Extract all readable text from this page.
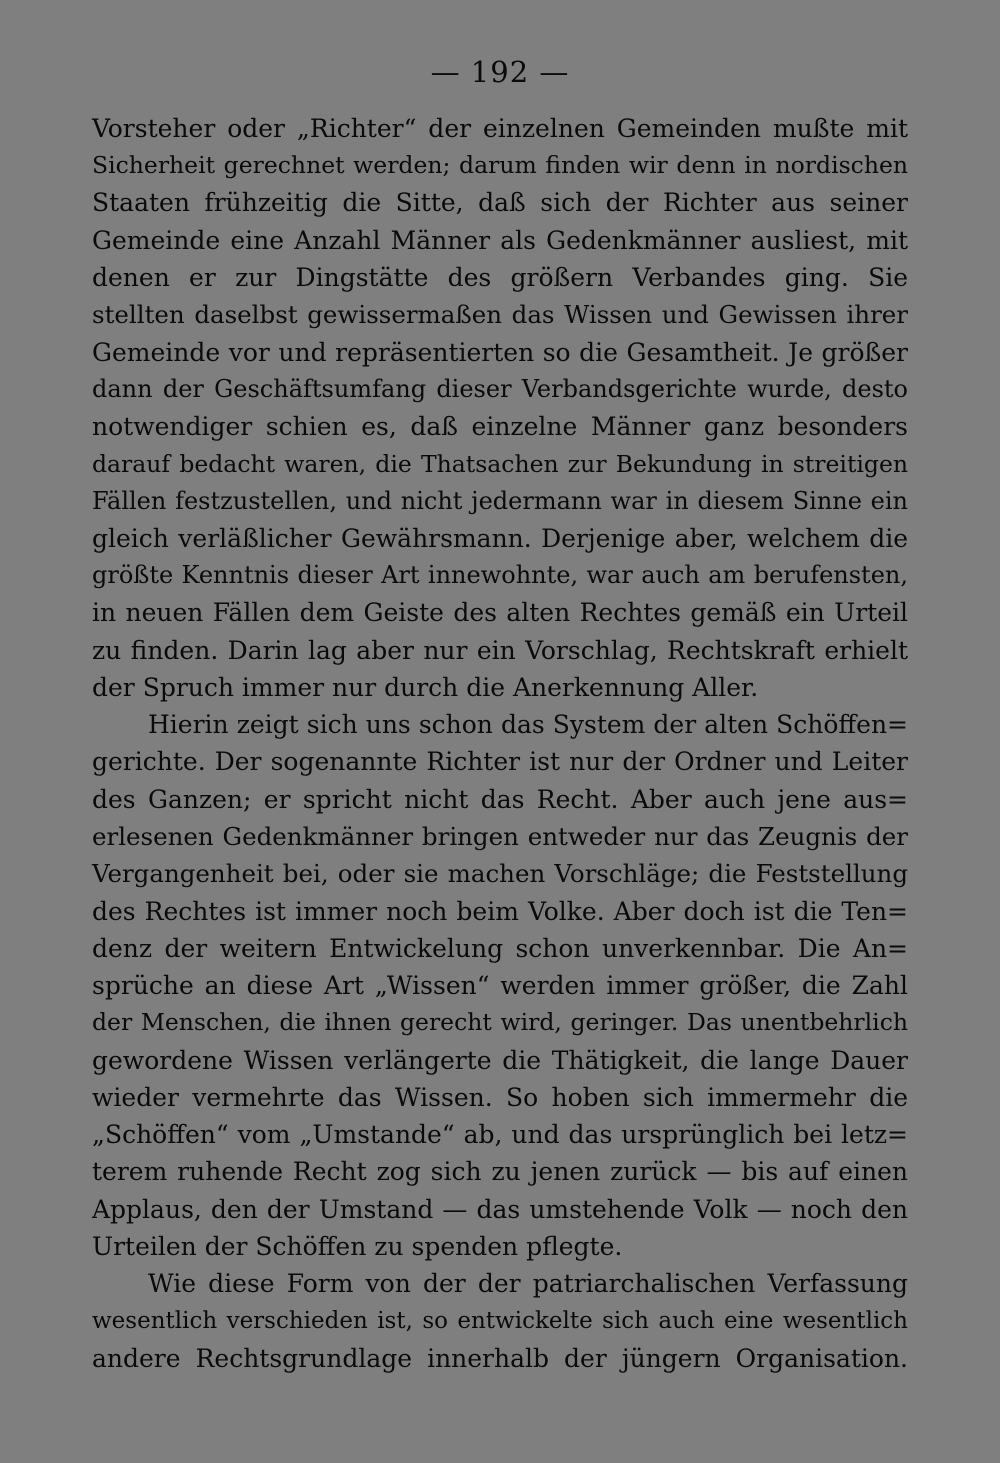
— 192 —
Vorsteher oder „Richter“ der einzelnen Gemeinden mußte mit
Sicherheit gerechnet werden; darum finden wir denn in nordischen
Staaten frühzeitig die Sitte, daß sich der Richter aus seiner
Gemeinde eine Anzahl Männer als Gedenkmänner ausliest, mit
denen er zur Dingstätte des größern Verbandes ging. Sie
stellten daselbst gewissermaßen das Wissen und Gewissen ihrer
Gemeinde vor und repräsentierten so die Gesamtheit. Je größer
dann der Geschäftsumfang dieser Verbandsgerichte wurde, desto
notwendiger schien es, daß einzelne Männer ganz besonders
darauf bedacht waren, die Thatsachen zur Bekundung in streitigen
Fällen festzustellen, und nicht jedermann war in diesem Sinne ein
gleich verläßlicher Gewährsmann. Derjenige aber, welchem die
größte Kenntnis dieser Art innewohnte, war auch am berufensten,
in neuen Fällen dem Geiste des alten Rechtes gemäß ein Urteil
zu finden. Darin lag aber nur ein Vorschlag, Rechtskraft erhielt
der Spruch immer nur durch die Anerkennung Aller.
Hierin zeigt sich uns schon das System der alten Schöffen=
gerichte. Der sogenannte Richter ist nur der Ordner und Leiter
des Ganzen; er spricht nicht das Recht. Aber auch jene aus=
erlesenen Gedenkmänner bringen entweder nur das Zeugnis der
Vergangenheit bei, oder sie machen Vorschläge; die Feststellung
des Rechtes ist immer noch beim Volke. Aber doch ist die Ten=
denz der weitern Entwickelung schon unverkennbar. Die An=
sprüche an diese Art „Wissen“ werden immer größer, die Zahl
der Menschen, die ihnen gerecht wird, geringer. Das unentbehrlich
gewordene Wissen verlängerte die Thätigkeit, die lange Dauer
wieder vermehrte das Wissen. So hoben sich immermehr die
„Schöffen“ vom „Umstande“ ab, und das ursprünglich bei letz=
terem ruhende Recht zog sich zu jenen zurück — bis auf einen
Applaus, den der Umstand — das umstehende Volk — noch den
Urteilen der Schöffen zu spenden pflegte.
Wie diese Form von der der patriarchalischen Verfassung
wesentlich verschieden ist, so entwickelte sich auch eine wesentlich
andere Rechtsgrundlage innerhalb der jüngern Organisation.
